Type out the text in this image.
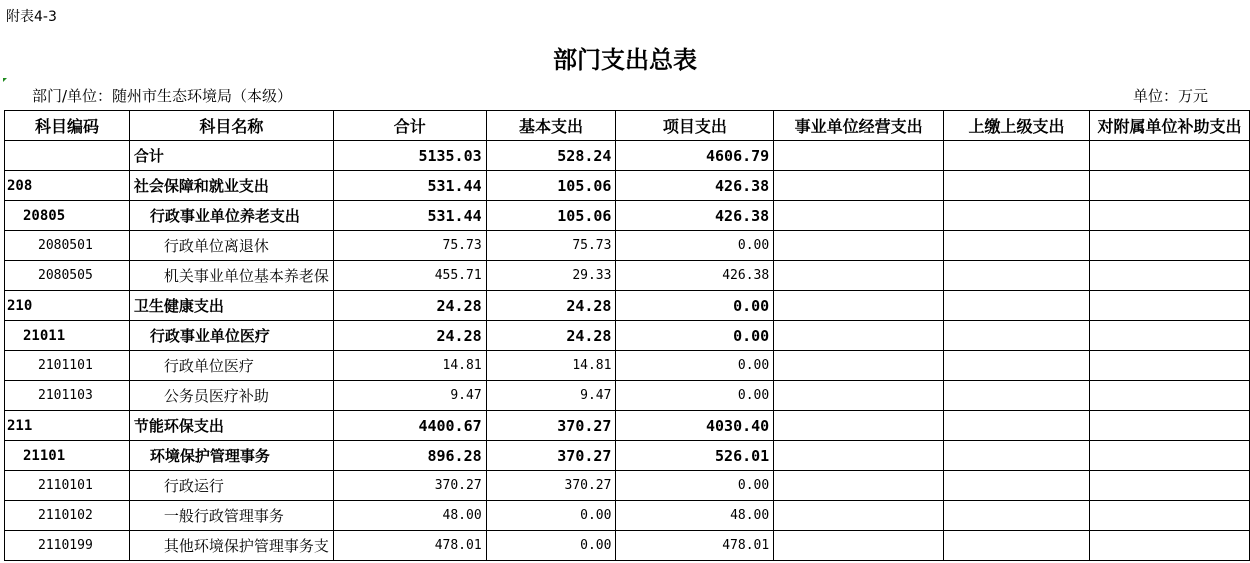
附表4-3
部门支出总表
部门/单位：随州市生态环境局（本级）	单位：万元
科目编码	科目名称	合计	基本支出	项目支出	事业单位经营支出	上缴上级支出	对附属单位补助支出
	合计	5135.03	528.24	4606.79			
208	社会保障和就业支出	531.44	105.06	426.38			
20805	行政事业单位养老支出	531.44	105.06	426.38			
2080501	行政单位离退休	75.73	75.73	0.00			
2080505	机关事业单位基本养老保	455.71	29.33	426.38			
210	卫生健康支出	24.28	24.28	0.00			
21011	行政事业单位医疗	24.28	24.28	0.00			
2101101	行政单位医疗	14.81	14.81	0.00			
2101103	公务员医疗补助	9.47	9.47	0.00			
211	节能环保支出	4400.67	370.27	4030.40			
21101	环境保护管理事务	896.28	370.27	526.01			
2110101	行政运行	370.27	370.27	0.00			
2110102	一般行政管理事务	48.00	0.00	48.00			
2110199	其他环境保护管理事务支	478.01	0.00	478.01			
